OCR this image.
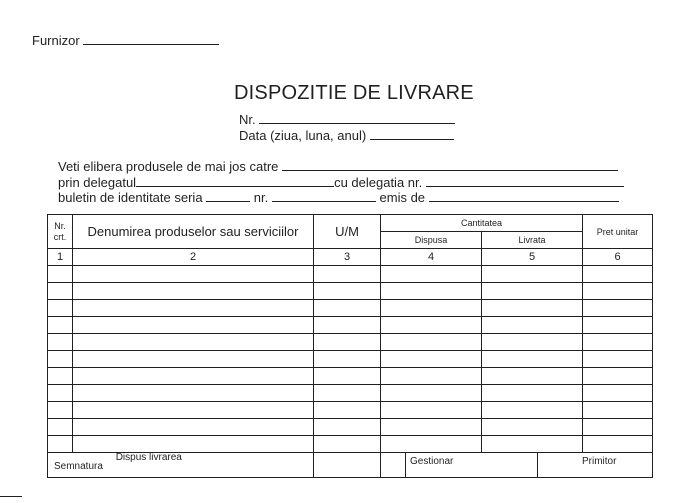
Furnizor
DISPOZITIE DE LIVRARE
Nr.
Data (ziua, luna, anul)
Veti elibera produsele de mai jos catre
prin delegatul	cu delegatia nr.
buletin de identitate seria	nr.	emis de
Nr. crt.	Denumirea produselor sau serviciilor	U/M	Cantitatea				Pret unitar
			Dispusa		Livrata		
1	2	3	4		5		6

Semnatura Dispus livrarea				Gestionar		Primitor	
